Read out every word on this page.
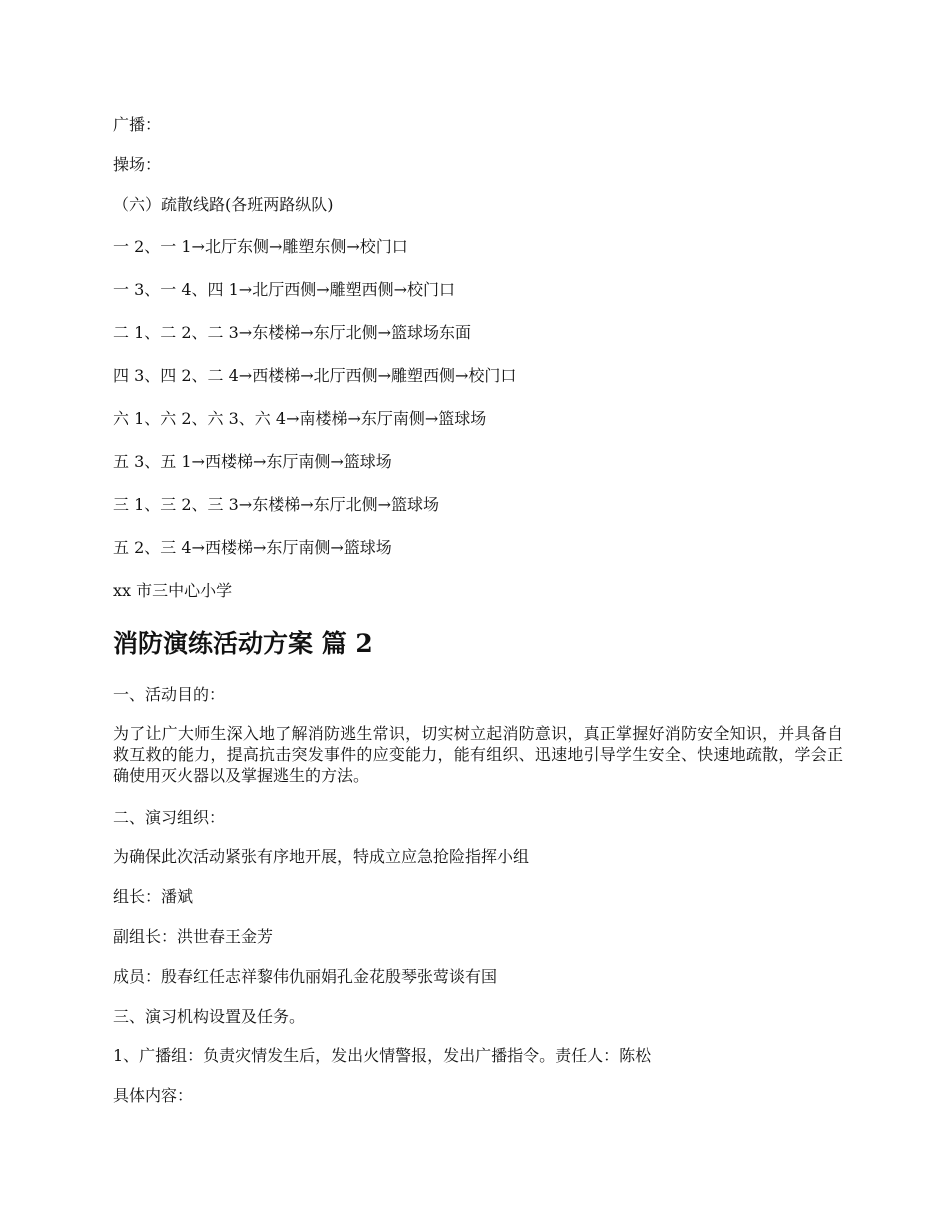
广播：
操场：
（六）疏散线路(各班两路纵队)
一 2、一 1→北厅东侧→雕塑东侧→校门口
一 3、一 4、四 1→北厅西侧→雕塑西侧→校门口
二 1、二 2、二 3→东楼梯→东厅北侧→篮球场东面
四 3、四 2、二 4→西楼梯→北厅西侧→雕塑西侧→校门口
六 1、六 2、六 3、六 4→南楼梯→东厅南侧→篮球场
五 3、五 1→西楼梯→东厅南侧→篮球场
三 1、三 2、三 3→东楼梯→东厅北侧→篮球场
五 2、三 4→西楼梯→东厅南侧→篮球场
xx 市三中心小学
消防演练活动方案 篇 2
一、活动目的：
为了让广大师生深入地了解消防逃生常识，切实树立起消防意识，真正掌握好消防安全知识，并具备自救互救的能力，提高抗击突发事件的应变能力，能有组织、迅速地引导学生安全、快速地疏散，学会正确使用灭火器以及掌握逃生的方法。
二、演习组织：
为确保此次活动紧张有序地开展，特成立应急抢险指挥小组
组长：潘斌
副组长：洪世春王金芳
成员：殷春红任志祥黎伟仇丽娟孔金花殷琴张莺谈有国
三、演习机构设置及任务。
1、广播组：负责灾情发生后，发出火情警报，发出广播指令。责任人：陈松
具体内容：
